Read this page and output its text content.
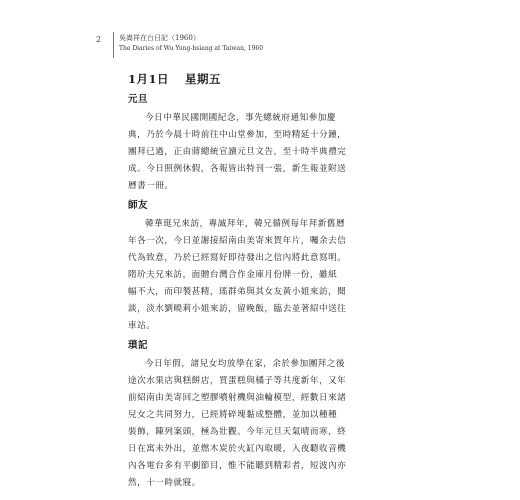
2	吳嵩祥在台日記（1960）
The Diaries of Wu Yung-hsiang at Taiwan, 1960
1月1日 星期五
元旦
今日中華民國開國紀念，事先總統府通知參加慶
典，乃於今晨十時前往中山堂參加，至時精延十分鐘，
團拜已過，正由蔣總統宣讀元旦文告，至十時半典禮完
成。今日照例休假，各報皆出特刊一張，新生報並附送
曆書一冊。
師友
韓華珽兄來訪，專誠拜年，韓兄循例每年拜新舊曆
年各一次，今日並謝接紹南由美寄來賀年片，囑余去信
代為致意，乃於已經寫好即待發出之信內將此意寫明。
隋玠夫兄來訪，面贈台灣合作金庫月份牌一份，雖紙
幅不大，而印製甚精，瑤群弟與其女友黃小姐來訪，閱
談，淡水劉曉莉小姐來訪，留晚飯，臨去並著紹中送往
車站。
瑣記
今日年假，諸兒女均放學在家，余於參加團拜之後
途次水果店與糕餅店，買蛋糕與橘子等共度新年，又年
前紹南由美寄回之塑膠噴射機與油輪模型，經數日來諸
兒女之共同努力，已經將碎塊黏成整體，並加以種種
裝飾，陳列案頭，極為壯觀。今年元旦天氣晴而寒，終
日在寓未外出，並燃木炭於火缸內取暖，入夜聽收音機
內各電台多有平劇節目，惟不能聽到精彩者，短波內亦
然，十一時就寢。
